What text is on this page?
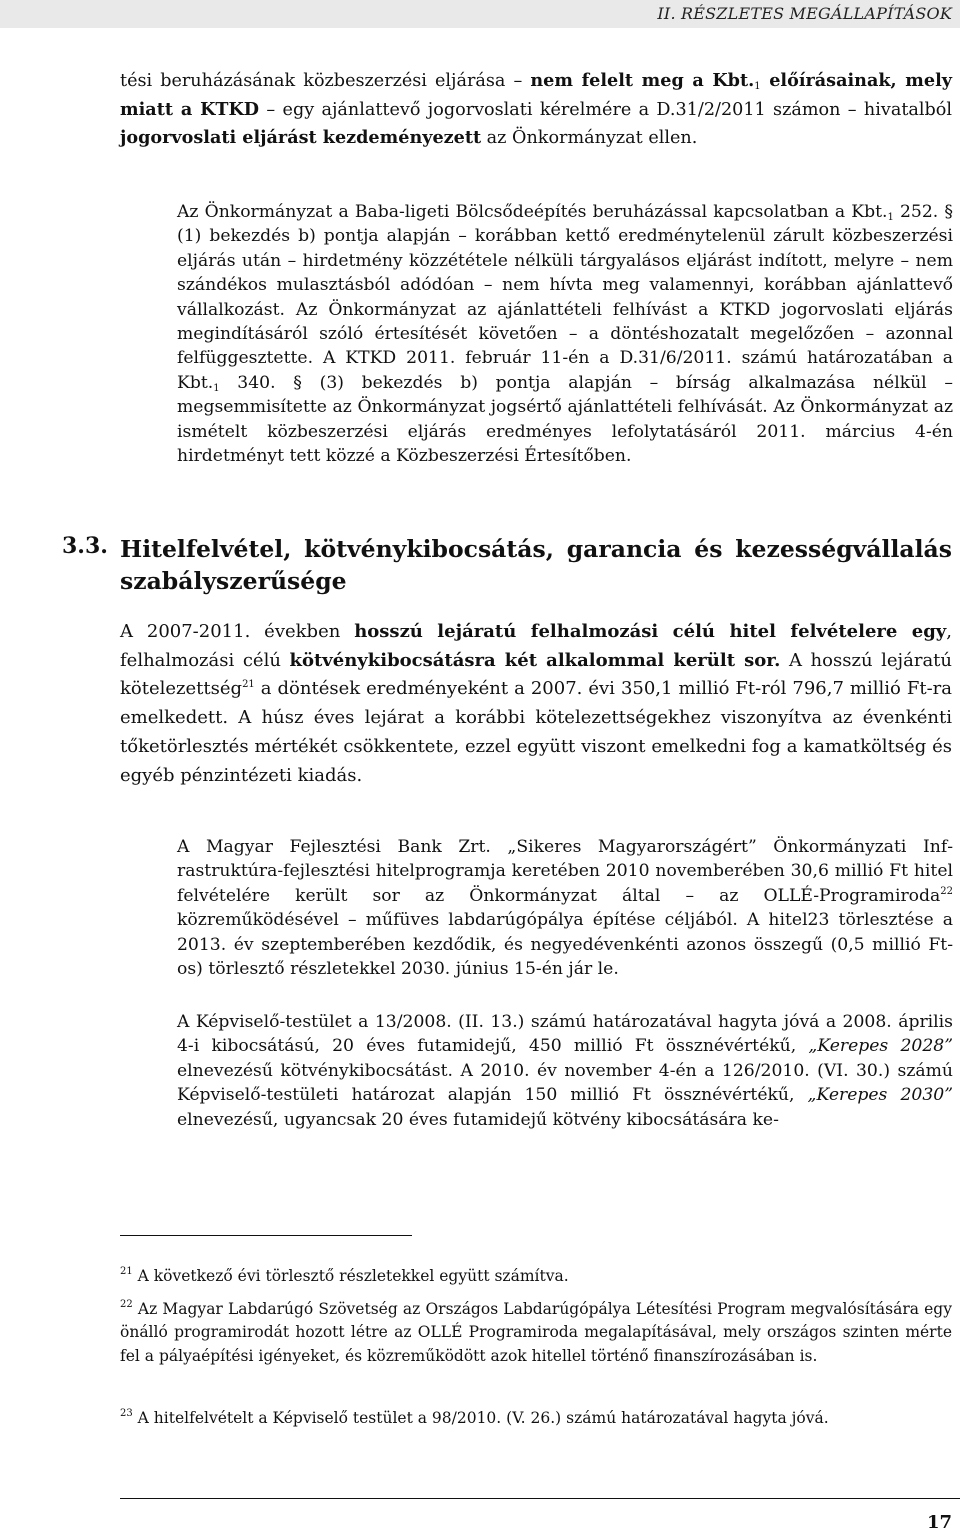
II. RÉSZLETES MEGÁLLAPÍTÁSOK

tési beruházásának közbeszerzési eljárása – nem felelt meg a $Kbt._1$ előírásainak, mely miatt a KTKD – egy ajánlattevő jogorvoslati kérelmére a D.31/2/2011 számon – hivatalból jogorvoslati eljárást kezdeményezett az Önkormányzat ellen.

Az Önkormányzat a Baba-ligeti Bölcsődeépítés beruházással kapcsolatban a $Kbt._1$ 252. § (1) bekezdés b) pontja alapján – korábban kettő eredménytelenül zárult közbeszerzési eljárás után – hirdetmény közzététele nélküli tárgyalásos eljárást indított, melyre – nem szándékos mulasztásból adódóan – nem hívta meg valamennyi, korábban ajánlattevő vállalkozást. Az Önkormányzat az ajánlattételi felhívást a KTKD jogorvoslati eljárás megindításáról szóló értesítését követően – a döntéshozatalt megelőzően – azonnal felfüggesztette. A KTKD 2011. február 11-én a D.31/6/2011. számú határozatában a $Kbt._1$ 340. § (3) bekezdés b) pontja alapján – bírság alkalmazása nélkül – megsemmisítette az Önkormányzat jogsértő ajánlattételi felhívását. Az Önkormányzat az ismételt közbeszerzési eljárás eredményes lefolytatásáról 2011. március 4-én hirdetményt tett közzé a Közbeszerzési Értesítőben.

3.3. Hitelfelvétel, kötvénykibocsátás, garancia és kezességvállalás szabályszerűsége

A 2007-2011. években hosszú lejáratú felhalmozási célú hitel felvételere egy, felhalmozási célú kötvénykibocsátásra két alkalommal került sor. A hosszú lejáratú kötelezettség$^{21}$ a döntések eredményeként a 2007. évi 350,1 millió Ft-ról 796,7 millió Ft-ra emelkedett. A húsz éves lejárat a korábbi kötelezettségekhez viszonyítva az évenkénti tőketörlesztés mértékét csökkentete, ezzel együtt viszont emelkedni fog a kamatköltség és egyéb pénzintézeti kiadás.

A Magyar Fejlesztési Bank Zrt. „Sikeres Magyarországért” Önkormányzati Infrastruktúra-fejlesztési hitelprogramja keretében 2010 novemberében 30,6 millió Ft hitel felvételére került sor az Önkormányzat által – az OLLÉ-Programiroda$^{22}$ közreműködésével – műfüves labdarúgópálya építése céljából. A hitel23 törlesztése a 2013. év szeptemberében kezdődik, és negyedévenkénti azonos összegű (0,5 millió Ft-os) törlesztő részletekkel 2030. június 15-én jár le.

A Képviselő-testület a 13/2008. (II. 13.) számú határozatával hagyta jóvá a 2008. április 4-i kibocsátású, 20 éves futamidejű, 450 millió Ft össznévértékű, „Kerepes 2028” elnevezésű kötvénykibocsátást. A 2010. év november 4-én a 126/2010. (VI. 30.) számú Képviselő-testületi határozat alapján 150 millió Ft össznévértékű, „Kerepes 2030” elnevezésű, ugyancsak 20 éves futamidejű kötvény kibocsátására ke-

$^{21}$ A következő évi törlesztő részletekkel együtt számítva.

$^{22}$ Az Magyar Labdarúgó Szövetség az Országos Labdarúgópálya Létesítési Program megvalósítására egy önálló programirodát hozott létre az OLLÉ Programiroda megalapításával, mely országos szinten mérte fel a pályaépítési igényeket, és közreműködött azok hitellel történő finanszírozásában is.

$^{23}$ A hitelfelvételt a Képviselő testület a 98/2010. (V. 26.) számú határozatával hagyta jóvá.

17
